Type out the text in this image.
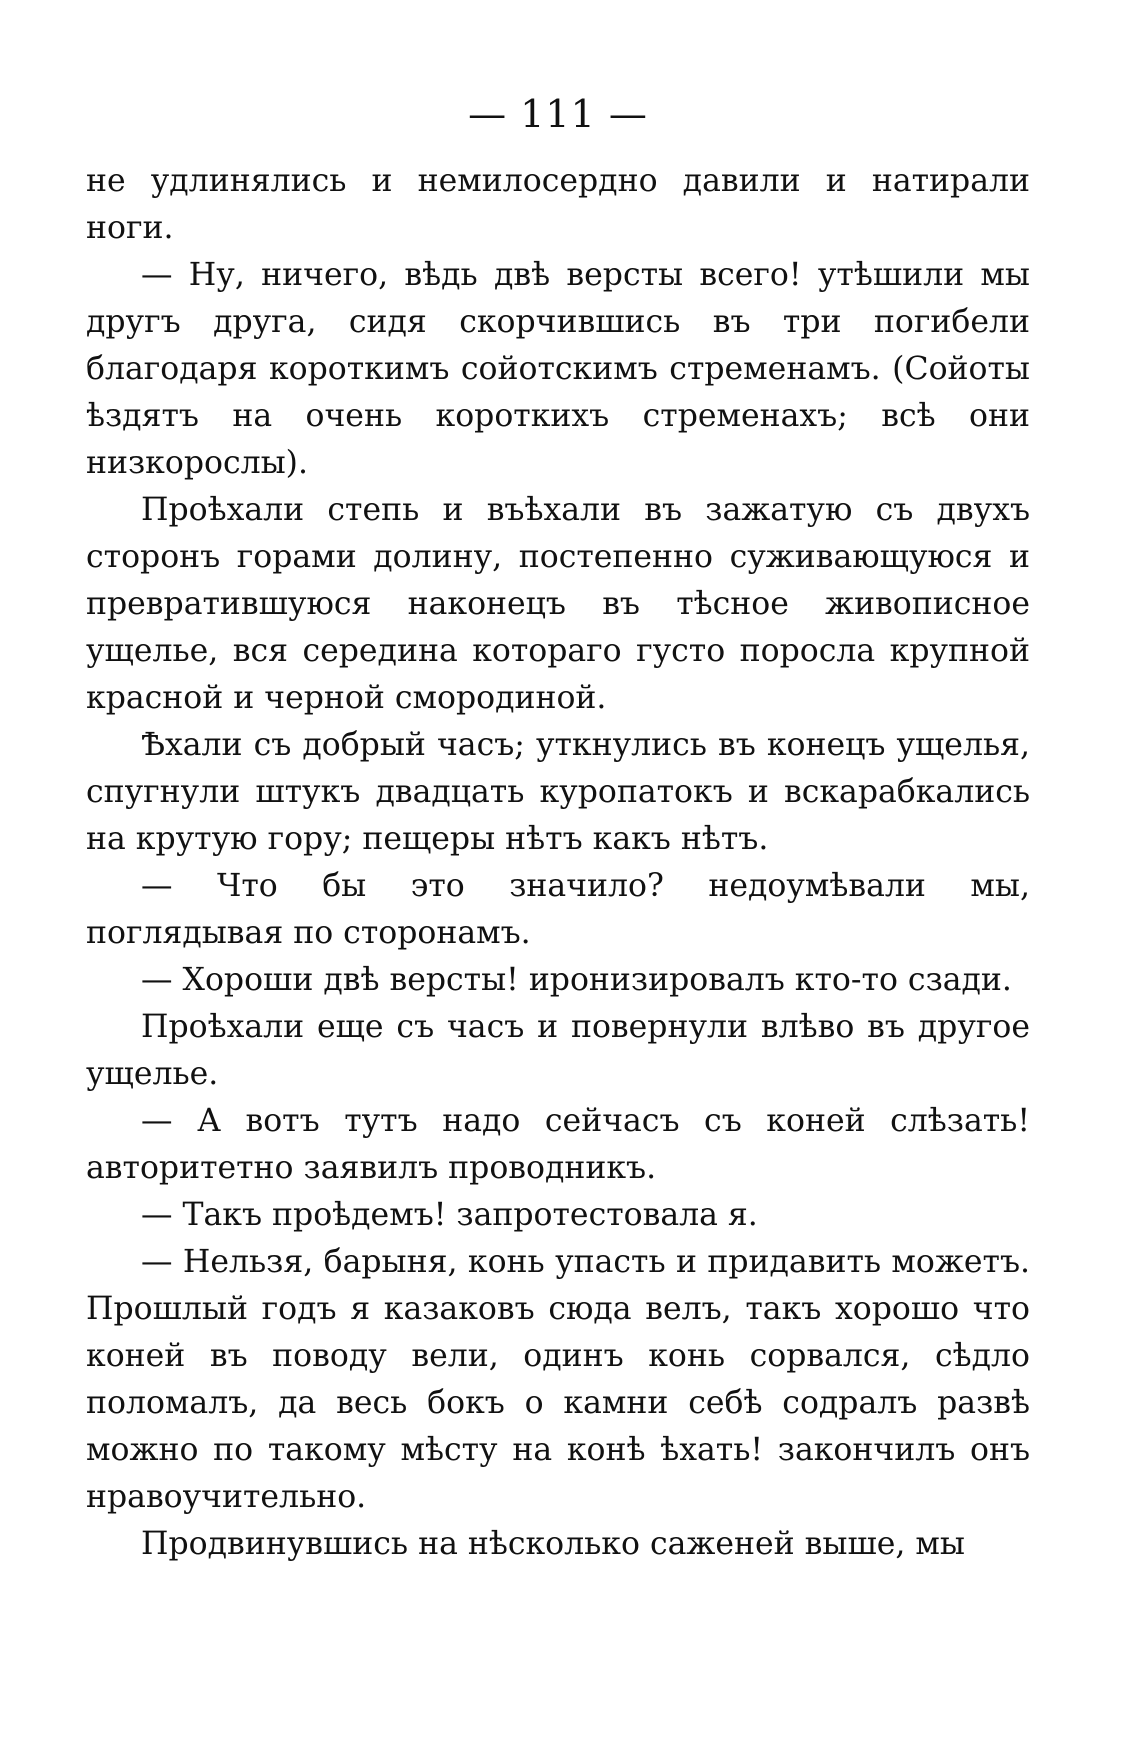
— 111 —

не удлинялись и немилосердно давили и натирали ноги.

— Ну, ничего, вѣдь двѣ версты всего! утѣшили мы другъ друга, сидя скорчившись въ три погибели благодаря короткимъ сойотскимъ стременамъ. (Сойоты ѣздятъ на очень короткихъ стременахъ; всѣ они низкорослы).

Проѣхали степь и въѣхали въ зажатую съ двухъ сторонъ горами долину, постепенно суживающуюся и превратившуюся наконецъ въ тѣсное живописное ущелье, вся середина котораго густо поросла крупной красной и черной смородиной.

Ѣхали съ добрый часъ; уткнулись въ конецъ ущелья, спугнули штукъ двадцать куропатокъ и вскарабкались на крутую гору; пещеры нѣтъ какъ нѣтъ.

— Что бы это значило? недоумѣвали мы, поглядывая по сторонамъ.

— Хороши двѣ версты! иронизировалъ кто-то сзади.

Проѣхали еще съ часъ и повернули влѣво въ другое ущелье.

— А вотъ тутъ надо сейчасъ съ коней слѣзать! авторитетно заявилъ проводникъ.

— Такъ проѣдемъ! запротестовала я.

— Нельзя, барыня, конь упасть и придавить можетъ. Прошлый годъ я казаковъ сюда велъ, такъ хорошо что коней въ поводу вели, одинъ конь сорвался, сѣдло поломалъ, да весь бокъ о камни себѣ содралъ развѣ можно по такому мѣсту на конѣ ѣхать! закончилъ онъ нравоучительно.

Продвинувшись на нѣсколько саженей выше, мы
